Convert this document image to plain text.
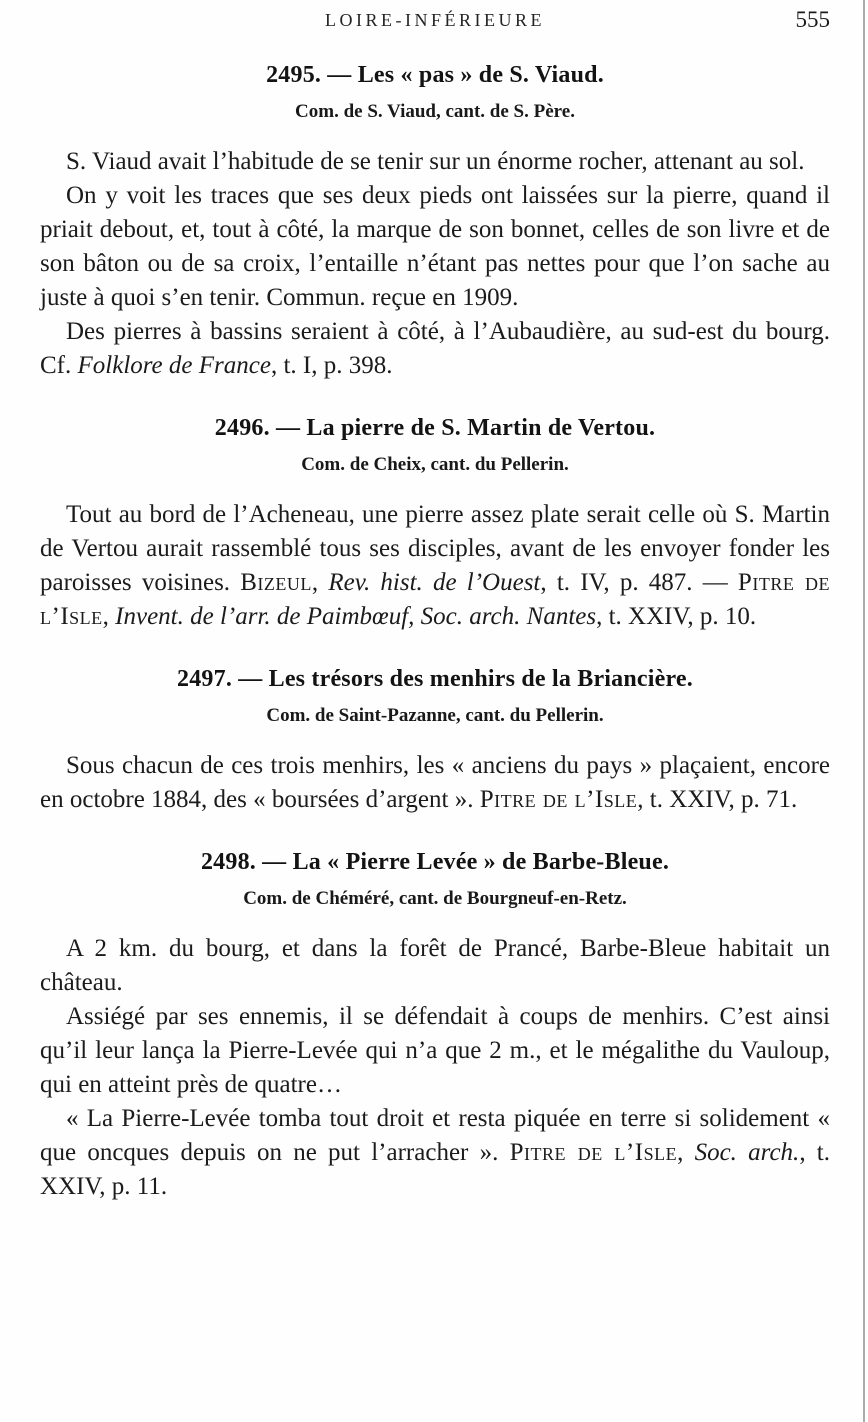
LOIRE-INFÉRIEURE	555
2495. — Les « pas » de S. Viaud.
Com. de S. Viaud, cant. de S. Père.

S. Viaud avait l’habitude de se tenir sur un énorme rocher, attenant au sol.

On y voit les traces que ses deux pieds ont laissées sur la pierre, quand il priait debout, et, tout à côté, la marque de son bonnet, celles de son livre et de son bâton ou de sa croix, l’entaille n’étant pas nettes pour que l’on sache au juste à quoi s’en tenir. Commun. reçue en 1909.

Des pierres à bassins seraient à côté, à l’Aubaudière, au sud-est du bourg. Cf. Folklore de France, t. I, p. 398.

2496. — La pierre de S. Martin de Vertou.
Com. de Cheix, cant. du Pellerin.

Tout au bord de l’Acheneau, une pierre assez plate serait celle où S. Martin de Vertou aurait rassemblé tous ses disciples, avant de les envoyer fonder les paroisses voisines. Bizeul, Rev. hist. de l’Ouest, t. IV, p. 487. — Pitre de l’Isle, Invent. de l’arr. de Paimbœuf, Soc. arch. Nantes, t. XXIV, p. 10.

2497. — Les trésors des menhirs de la Briancière.
Com. de Saint-Pazanne, cant. du Pellerin.

Sous chacun de ces trois menhirs, les « anciens du pays » plaçaient, encore en octobre 1884, des « boursées d’argent ». Pitre de l’Isle, t. XXIV, p. 71.

2498. — La « Pierre Levée » de Barbe-Bleue.
Com. de Chéméré, cant. de Bourgneuf-en-Retz.

A 2 km. du bourg, et dans la forêt de Prancé, Barbe-Bleue habitait un château.

Assiégé par ses ennemis, il se défendait à coups de menhirs. C’est ainsi qu’il leur lança la Pierre-Levée qui n’a que 2 m., et le mégalithe du Vauloup, qui en atteint près de quatre…

« La Pierre-Levée tomba tout droit et resta piquée en terre si solidement « que oncques depuis on ne put l’arracher ». Pitre de l’Isle, Soc. arch., t. XXIV, p. 11.
